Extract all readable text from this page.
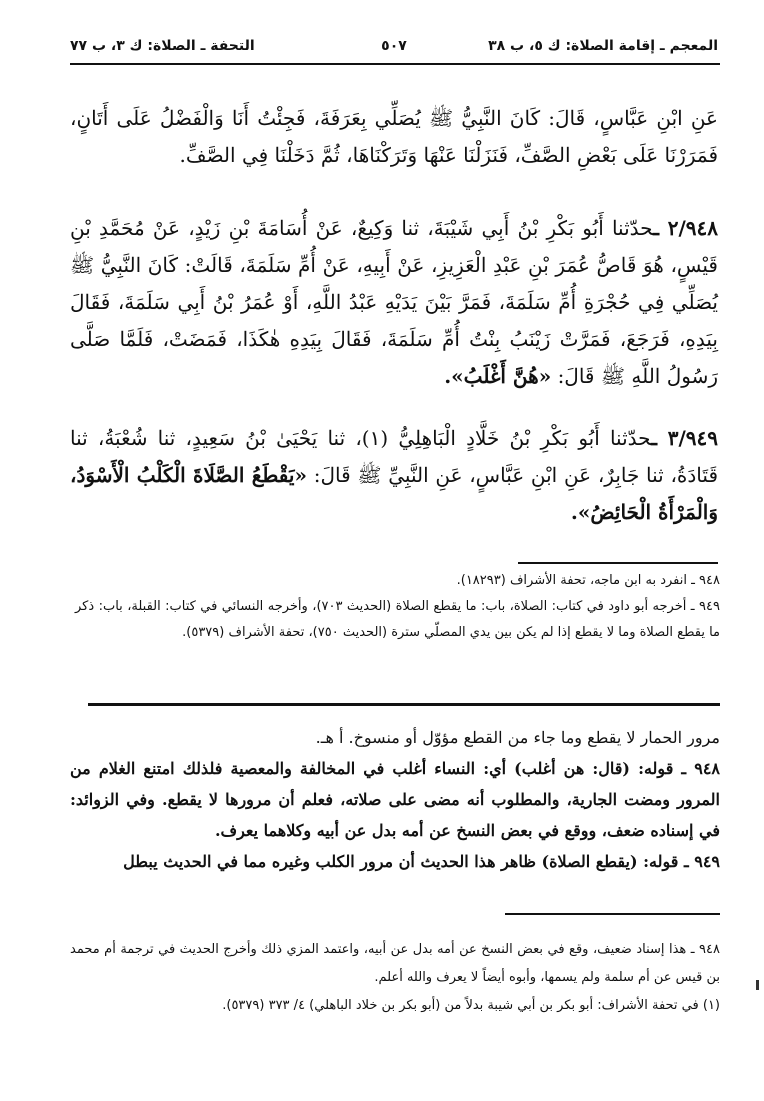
المعجم ـ إقامة الصلاة: ك ٥، ب ٣٨
٥٠٧
التحفة ـ الصلاة: ك ٣، ب ٧٧
عَنِ ابْنِ عَبَّاسٍ، قَالَ: كَانَ النَّبِيُّ ﷺ يُصَلِّي بِعَرَفَةَ، فَجِئْتُ أَنَا وَالْفَضْلُ عَلَى أَتَانٍ، فَمَرَرْنَا عَلَى بَعْضِ الصَّفِّ، فَنَزَلْنَا عَنْهَا وَتَرَكْنَاهَا، ثُمَّ دَخَلْنَا فِي الصَّفِّ.
٢/٩٤٨ ـحدّثنا أَبُو بَكْرِ بْنُ أَبِي شَيْبَةَ، ثنا وَكِيعٌ، عَنْ أُسَامَةَ بْنِ زَيْدٍ، عَنْ مُحَمَّدِ بْنِ قَيْسٍ، هُوَ قَاصُّ عُمَرَ بْنِ عَبْدِ الْعَزِيزِ، عَنْ أَبِيهِ، عَنْ أُمِّ سَلَمَةَ، قَالَتْ: كَانَ النَّبِيُّ ﷺ يُصَلِّي فِي حُجْرَةِ أُمِّ سَلَمَةَ، فَمَرَّ بَيْنَ يَدَيْهِ عَبْدُ اللَّهِ، أَوْ عُمَرُ بْنُ أَبِي سَلَمَةَ، فَقَالَ بِيَدِهِ، فَرَجَعَ، فَمَرَّتْ زَيْنَبُ بِنْتُ أُمِّ سَلَمَةَ، فَقَالَ بِيَدِهِ هٰكَذَا، فَمَضَتْ، فَلَمَّا صَلَّى رَسُولُ اللَّهِ ﷺ قَالَ: «هُنَّ أَغْلَبُ».
٣/٩٤٩ ـحدّثنا أَبُو بَكْرِ بْنُ خَلَّادٍ الْبَاهِلِيُّ (١)، ثنا يَحْيَىٰ بْنُ سَعِيدٍ، ثنا شُعْبَةُ، ثنا قَتَادَةُ، ثنا جَابِرٌ، عَنِ ابْنِ عَبَّاسٍ، عَنِ النَّبِيِّ ﷺ قَالَ: «يَقْطَعُ الصَّلَاةَ الْكَلْبُ الْأَسْوَدُ، وَالْمَرْأَةُ الْحَائِضُ».
٩٤٨ ـ انفرد به ابن ماجه، تحفة الأشراف (١٨٢٩٣).
٩٤٩ ـ أخرجه أبو داود في كتاب: الصلاة، باب: ما يقطع الصلاة (الحديث ٧٠٣)، وأخرجه النسائي في كتاب: القبلة، باب: ذكر ما يقطع الصلاة وما لا يقطع إذا لم يكن بين يدي المصلّي سترة (الحديث ٧٥٠)، تحفة الأشراف (٥٣٧٩).
مرور الحمار لا يقطع وما جاء من القطع مؤوّل أو منسوخ. أ هـ.
٩٤٨ ـ قوله: (قال: هن أغلب) أي: النساء أغلب في المخالفة والمعصية فلذلك امتنع الغلام من المرور ومضت الجارية، والمطلوب أنه مضى على صلاته، فعلم أن مرورها لا يقطع. وفي الزوائد: في إسناده ضعف، ووقع في بعض النسخ عن أمه بدل عن أبيه وكلاهما يعرف.
٩٤٩ ـ قوله: (يقطع الصلاة) ظاهر هذا الحديث أن مرور الكلب وغيره مما في الحديث يبطل
٩٤٨ ـ هذا إسناد ضعيف، وقع في بعض النسخ عن أمه بدل عن أبيه، واعتمد المزي ذلك وأخرج الحديث في ترجمة أم محمد بن قيس عن أم سلمة ولم يسمها، وأبوه أيضاً لا يعرف والله أعلم.
(١) في تحفة الأشراف: أبو بكر بن أبي شيبة بدلاً من (أبو بكر بن خلاد الباهلي) ٤/ ٣٧٣ (٥٣٧٩).
